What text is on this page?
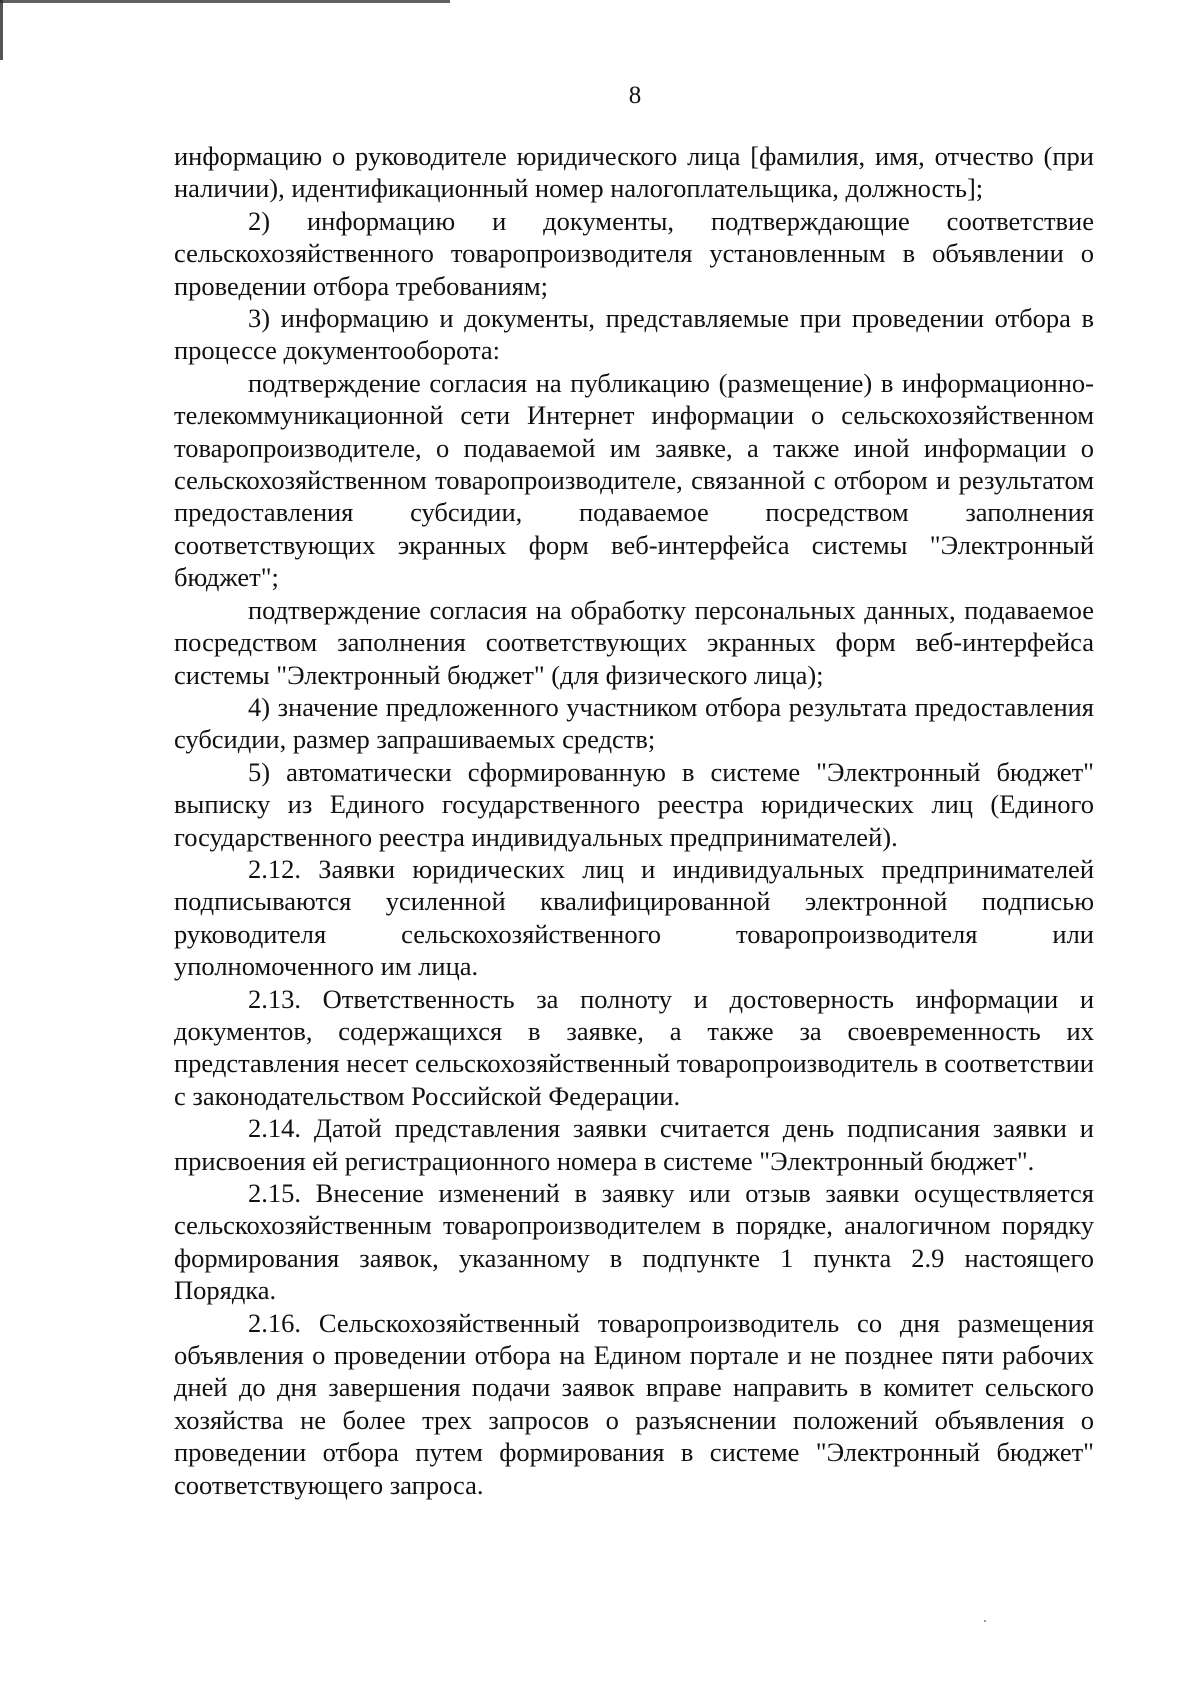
8

информацию о руководителе юридического лица [фамилия, имя, отчество (при наличии), идентификационный номер налогоплательщика, должность];

2) информацию и документы, подтверждающие соответствие сельскохозяйственного товаропроизводителя установленным в объявлении о проведении отбора требованиям;

3) информацию и документы, представляемые при проведении отбора в процессе документооборота:

подтверждение согласия на публикацию (размещение) в информационно-телекоммуникационной сети Интернет информации о сельскохозяйственном товаропроизводителе, о подаваемой им заявке, а также иной информации о сельскохозяйственном товаропроизводителе, связанной с отбором и результатом предоставления субсидии, подаваемое посредством заполнения соответствующих экранных форм веб-интерфейса системы "Электронный бюджет";

подтверждение согласия на обработку персональных данных, подаваемое посредством заполнения соответствующих экранных форм веб-интерфейса системы "Электронный бюджет" (для физического лица);

4) значение предложенного участником отбора результата предоставления субсидии, размер запрашиваемых средств;

5) автоматически сформированную в системе "Электронный бюджет" выписку из Единого государственного реестра юридических лиц (Единого государственного реестра индивидуальных предпринимателей).

2.12. Заявки юридических лиц и индивидуальных предпринимателей подписываются усиленной квалифицированной электронной подписью руководителя сельскохозяйственного товаропроизводителя или уполномоченного им лица.

2.13. Ответственность за полноту и достоверность информации и документов, содержащихся в заявке, а также за своевременность их представления несет сельскохозяйственный товаропроизводитель в соответствии с законодательством Российской Федерации.

2.14. Датой представления заявки считается день подписания заявки и присвоения ей регистрационного номера в системе "Электронный бюджет".

2.15. Внесение изменений в заявку или отзыв заявки осуществляется сельскохозяйственным товаропроизводителем в порядке, аналогичном порядку формирования заявок, указанному в подпункте 1 пункта 2.9 настоящего Порядка.

2.16. Сельскохозяйственный товаропроизводитель со дня размещения объявления о проведении отбора на Едином портале и не позднее пяти рабочих дней до дня завершения подачи заявок вправе направить в комитет сельского хозяйства не более трех запросов о разъяснении положений объявления о проведении отбора путем формирования в системе "Электронный бюджет" соответствующего запроса.
